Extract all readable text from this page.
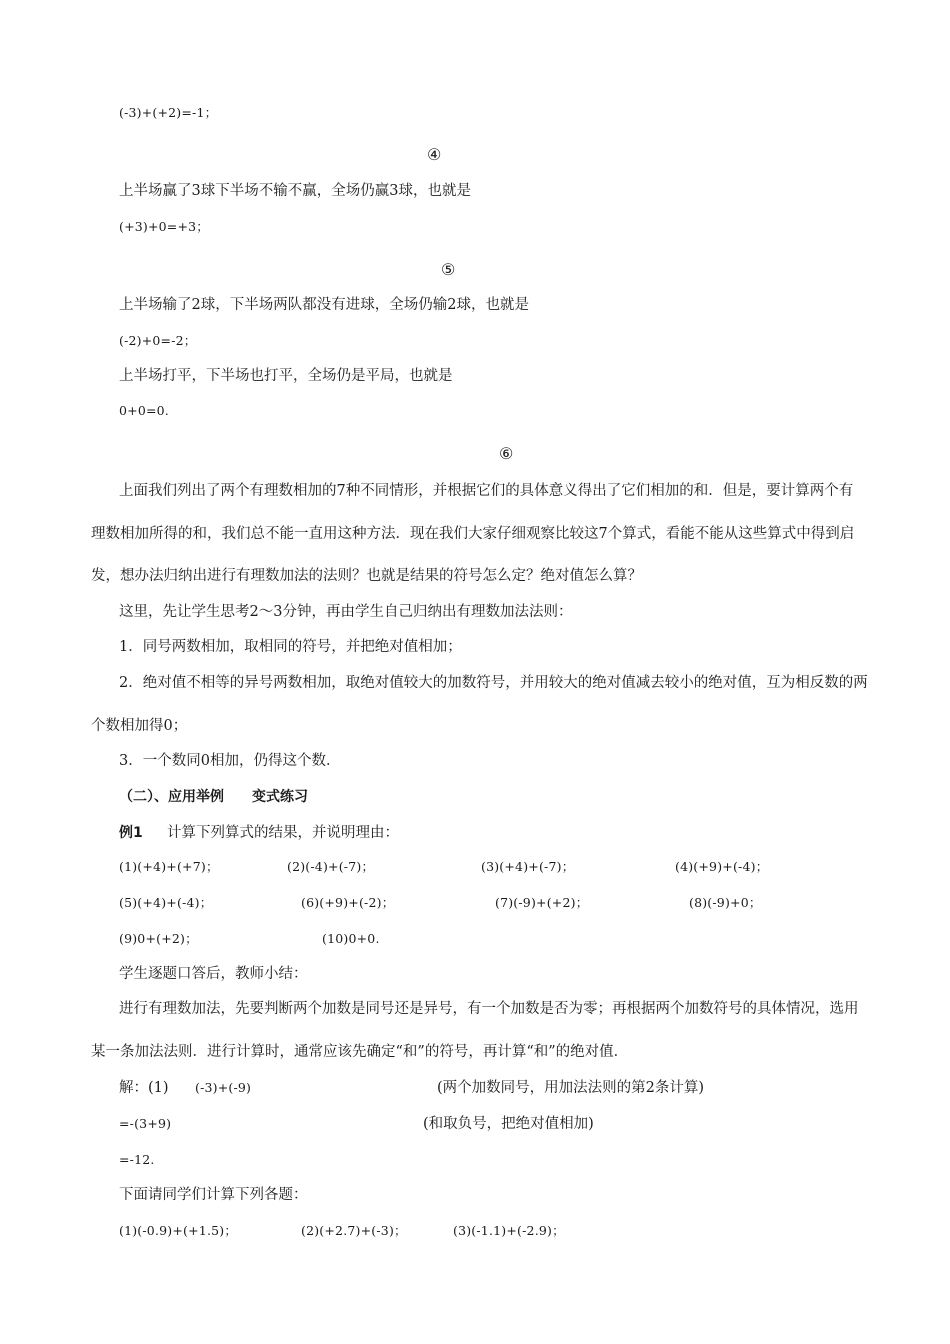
(-3)+(+2)=-1；
④
上半场赢了3球下半场不输不赢，全场仍赢3球，也就是
(+3)+0=+3；
⑤
上半场输了2球，下半场两队都没有进球，全场仍输2球，也就是
(-2)+0=-2；
上半场打平，下半场也打平，全场仍是平局，也就是
0+0=0.
⑥
上面我们列出了两个有理数相加的7种不同情形，并根据它们的具体意义得出了它们相加的和．但是，要计算两个有
理数相加所得的和，我们总不能一直用这种方法．现在我们大家仔细观察比较这7个算式，看能不能从这些算式中得到启
发，想办法归纳出进行有理数加法的法则？也就是结果的符号怎么定？绝对值怎么算？
这里，先让学生思考2～3分钟，再由学生自己归纳出有理数加法法则：
1．同号两数相加，取相同的符号，并把绝对值相加；
2．绝对值不相等的异号两数相加，取绝对值较大的加数符号，并用较大的绝对值减去较小的绝对值，互为相反数的两
个数相加得0；
3．一个数同0相加，仍得这个数．
（二）、应用举例　　变式练习
例1 计算下列算式的结果，并说明理由：
(1)(+4)+(+7)；	(2)(-4)+(-7)；	(3)(+4)+(-7)；	(4)(+9)+(-4)；
(5)(+4)+(-4)；	(6)(+9)+(-2)；	(7)(-9)+(+2)；	(8)(-9)+0；
(9)0+(+2)；	(10)0+0.
学生逐题口答后，教师小结：
进行有理数加法，先要判断两个加数是同号还是异号，有一个加数是否为零；再根据两个加数符号的具体情况，选用
某一条加法法则．进行计算时，通常应该先确定“和”的符号，再计算“和”的绝对值．
解：(1) (-3)+(-9)	(两个加数同号，用加法法则的第2条计算)
=-(3+9)	(和取负号，把绝对值相加)
=-12.
下面请同学们计算下列各题：
(1)(-0.9)+(+1.5)；	(2)(+2.7)+(-3)；	(3)(-1.1)+(-2.9)；
